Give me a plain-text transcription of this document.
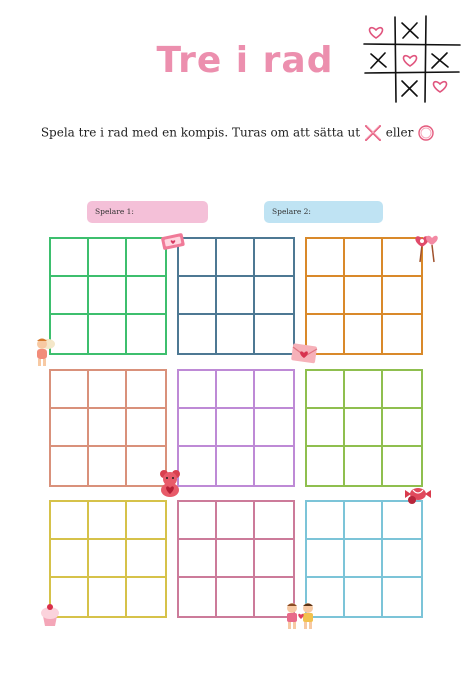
Tre i rad
Spela tre i rad med en kompis. Turas om att sätta ut eller
Spelare 1:	Spelare 2:
